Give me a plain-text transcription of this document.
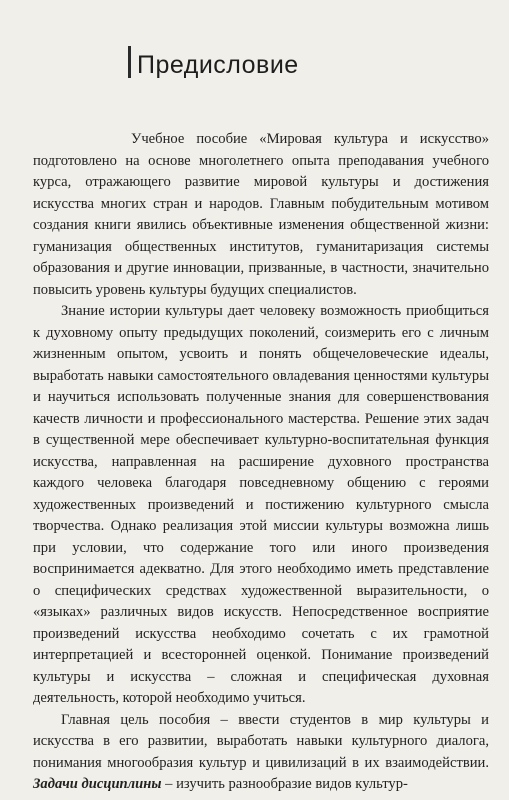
Предисловие

Учебное пособие «Мировая культура и искусство» подготовлено на основе многолетнего опыта преподавания учебного курса, отражающего развитие мировой культуры и достижения искусства многих стран и народов. Главным побудительным мотивом создания книги явились объективные изменения общественной жизни: гуманизация общественных институтов, гуманитаризация системы образования и другие инновации, призванные, в частности, значительно повысить уровень культуры будущих специалистов.

Знание истории культуры дает человеку возможность приобщиться к духовному опыту предыдущих поколений, соизмерить его с личным жизненным опытом, усвоить и понять общечеловеческие идеалы, выработать навыки самостоятельного овладевания ценностями культуры и научиться использовать полученные знания для совершенствования качеств личности и профессионального мастерства. Решение этих задач в существенной мере обеспечивает культурно-воспитательная функция искусства, направленная на расширение духовного пространства каждого человека благодаря повседневному общению с героями художественных произведений и постижению культурного смысла творчества. Однако реализация этой миссии культуры возможна лишь при условии, что содержание того или иного произведения воспринимается адекватно. Для этого необходимо иметь представление о специфических средствах художественной выразительности, о «языках» различных видов искусств. Непосредственное восприятие произведений искусства необходимо сочетать с их грамотной интерпретацией и всесторонней оценкой. Понимание произведений культуры и искусства – сложная и специфическая духовная деятельность, которой необходимо учиться.

Главная цель пособия – ввести студентов в мир культуры и искусства в его развитии, выработать навыки культурного диалога, понимания многообразия культур и цивилизаций в их взаимодействии. Задачи дисциплины – изучить разнообразие видов культур-
